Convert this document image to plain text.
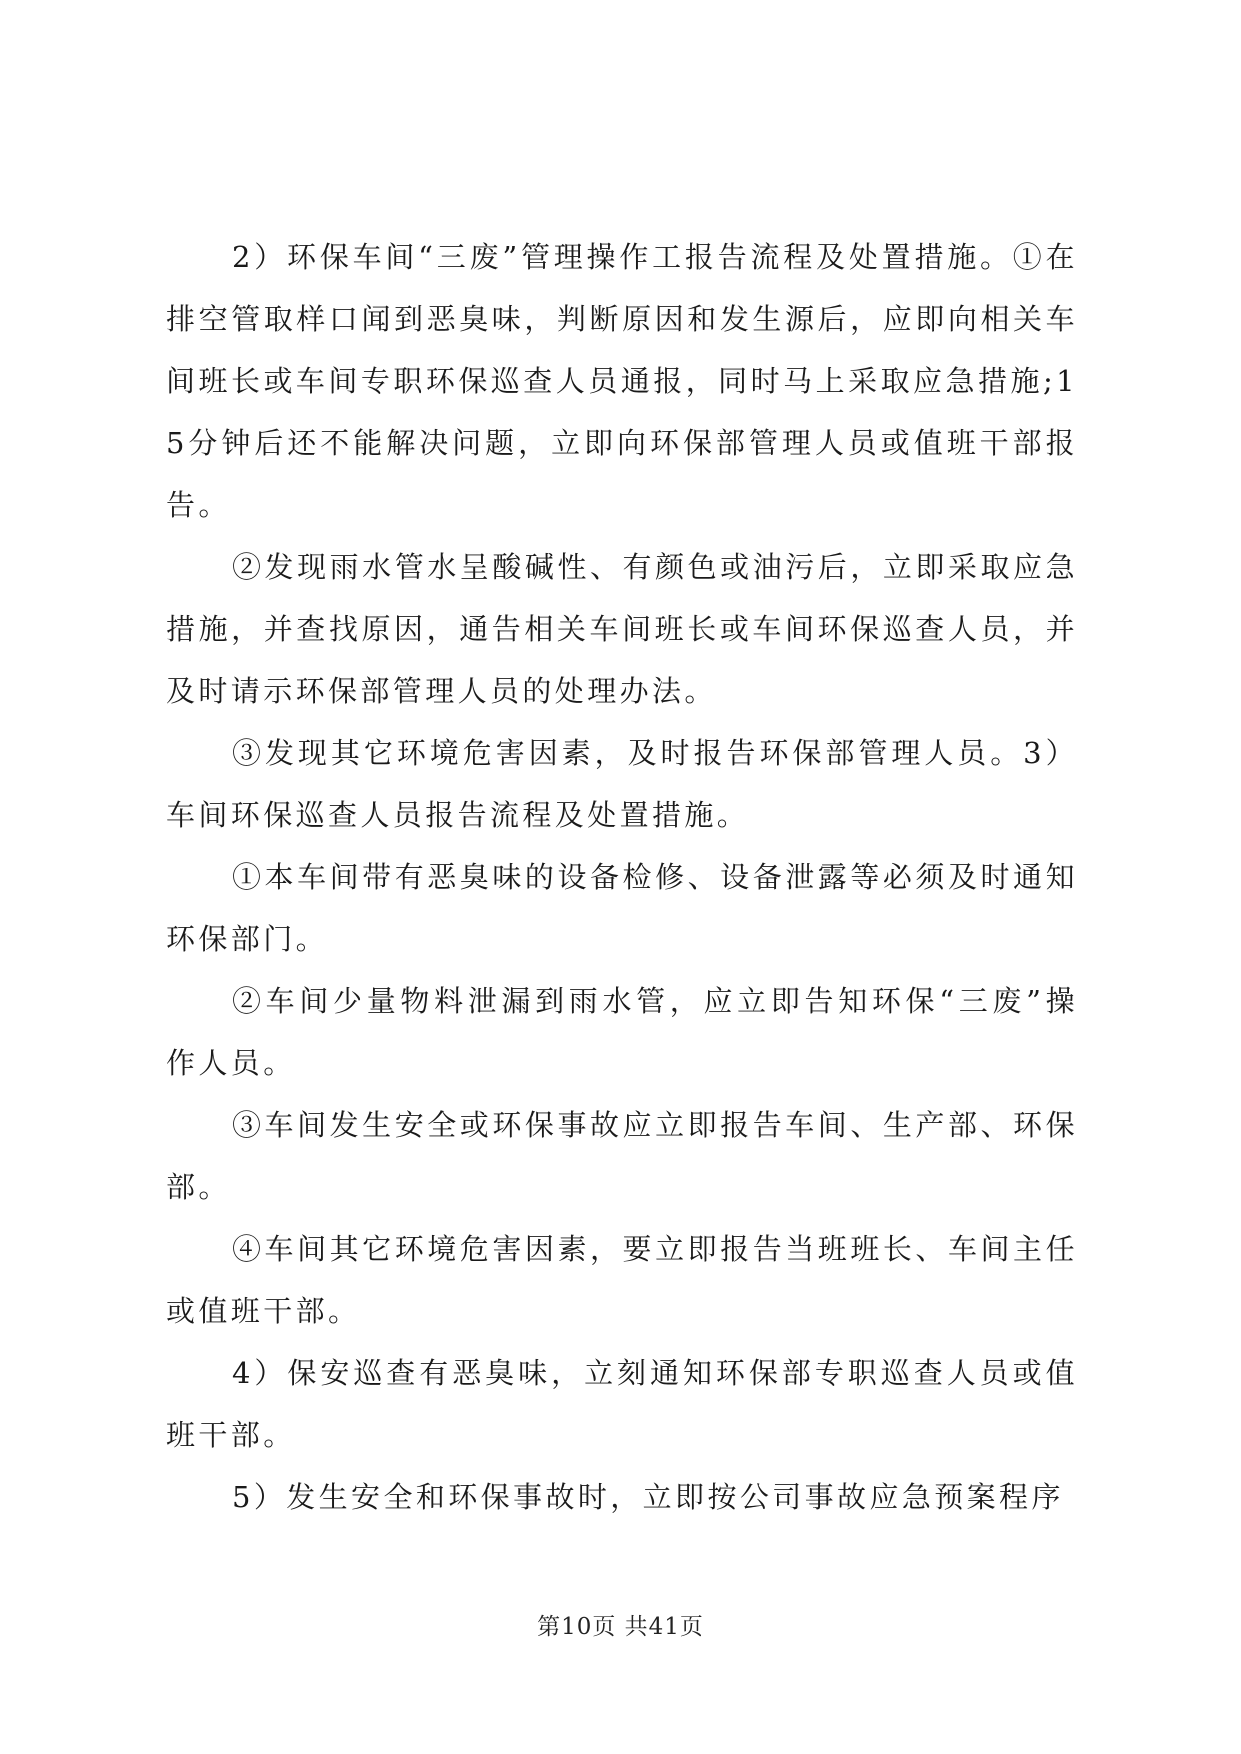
2）环保车间“三废”管理操作工报告流程及处置措施。①在排空管取样口闻到恶臭味，判断原因和发生源后，应即向相关车间班长或车间专职环保巡查人员通报，同时马上采取应急措施;15分钟后还不能解决问题，立即向环保部管理人员或值班干部报告。

②发现雨水管水呈酸碱性、有颜色或油污后，立即采取应急措施，并查找原因，通告相关车间班长或车间环保巡查人员，并及时请示环保部管理人员的处理办法。

③发现其它环境危害因素，及时报告环保部管理人员。3）车间环保巡查人员报告流程及处置措施。

①本车间带有恶臭味的设备检修、设备泄露等必须及时通知环保部门。

②车间少量物料泄漏到雨水管，应立即告知环保“三废”操作人员。

③车间发生安全或环保事故应立即报告车间、生产部、环保部。

④车间其它环境危害因素，要立即报告当班班长、车间主任或值班干部。

4）保安巡查有恶臭味，立刻通知环保部专职巡查人员或值班干部。

5）发生安全和环保事故时，立即按公司事故应急预案程序

第10页 共41页
